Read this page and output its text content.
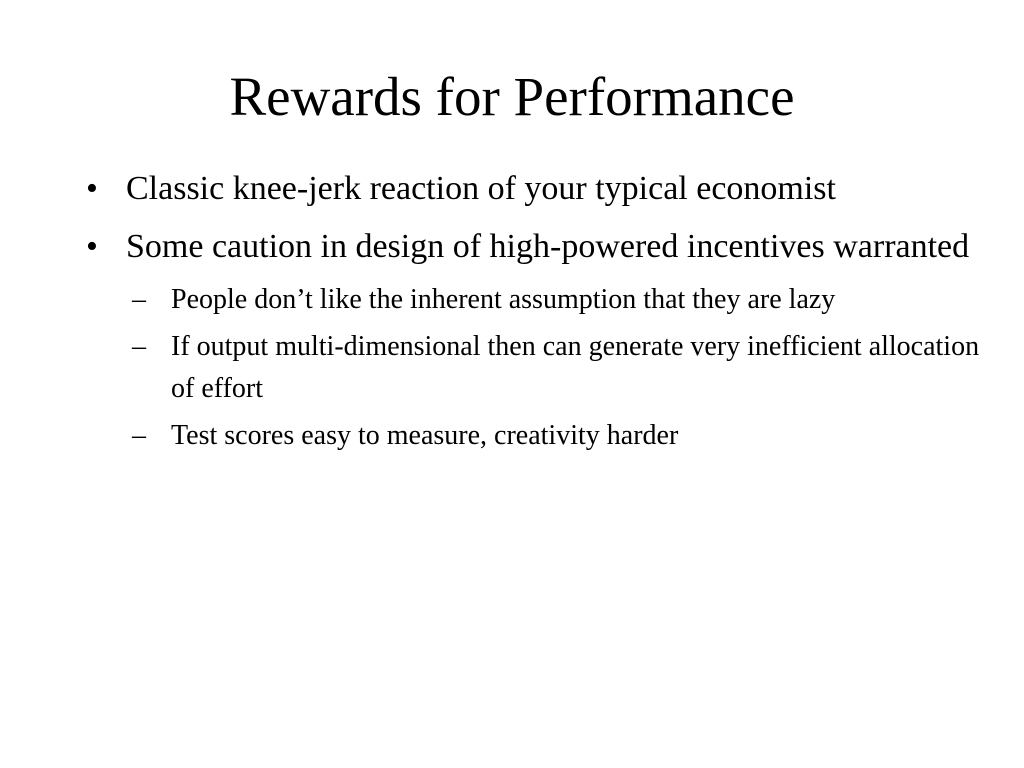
Rewards for Performance
• Classic knee-jerk reaction of your typical economist
• Some caution in design of high-powered incentives warranted
– People don’t like the inherent assumption that they are lazy
– If output multi-dimensional then can generate very inefficient allocation of effort
– Test scores easy to measure, creativity harder
